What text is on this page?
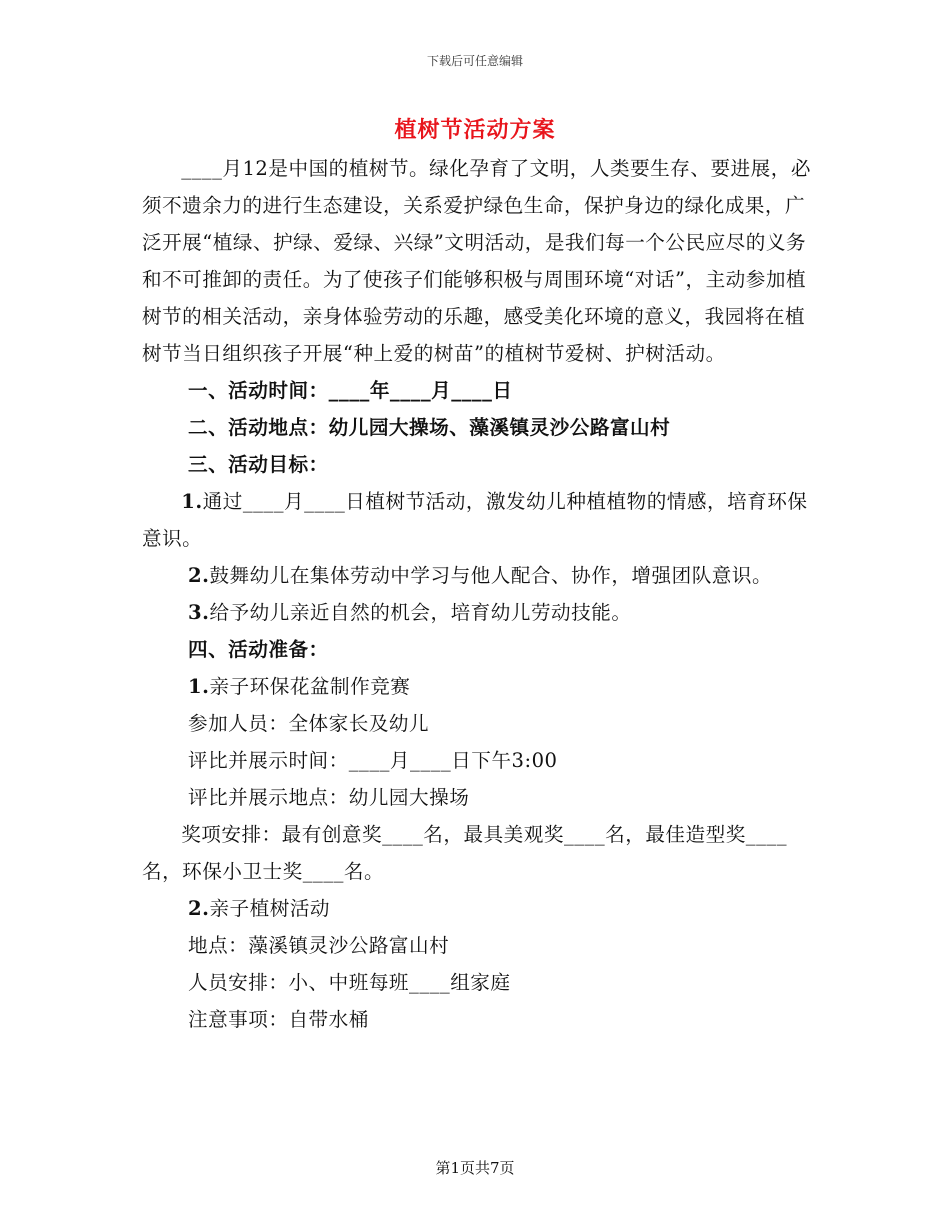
下载后可任意编辑
植树节活动方案

____月12是中国的植树节。绿化孕育了文明，人类要生存、要进展，必须不遗余力的进行生态建设，关系爱护绿色生命，保护身边的绿化成果，广泛开展“植绿、护绿、爱绿、兴绿”文明活动，是我们每一个公民应尽的义务和不可推卸的责任。为了使孩子们能够积极与周围环境“对话”，主动参加植树节的相关活动，亲身体验劳动的乐趣，感受美化环境的意义，我园将在植树节当日组织孩子开展“种上爱的树苗”的植树节爱树、护树活动。

一、活动时间：____年____月____日

二、活动地点：幼儿园大操场、藻溪镇灵沙公路富山村

三、活动目标：

1.通过____月____日植树节活动，激发幼儿种植植物的情感，培育环保意识。

2.鼓舞幼儿在集体劳动中学习与他人配合、协作，增强团队意识。

3.给予幼儿亲近自然的机会，培育幼儿劳动技能。

四、活动准备：

1.亲子环保花盆制作竞赛

参加人员：全体家长及幼儿

评比并展示时间：____月____日下午3:00

评比并展示地点：幼儿园大操场

奖项安排：最有创意奖____名，最具美观奖____名，最佳造型奖____名，环保小卫士奖____名。

2.亲子植树活动

地点：藻溪镇灵沙公路富山村

人员安排：小、中班每班____组家庭

注意事项：自带水桶

第1页共7页
